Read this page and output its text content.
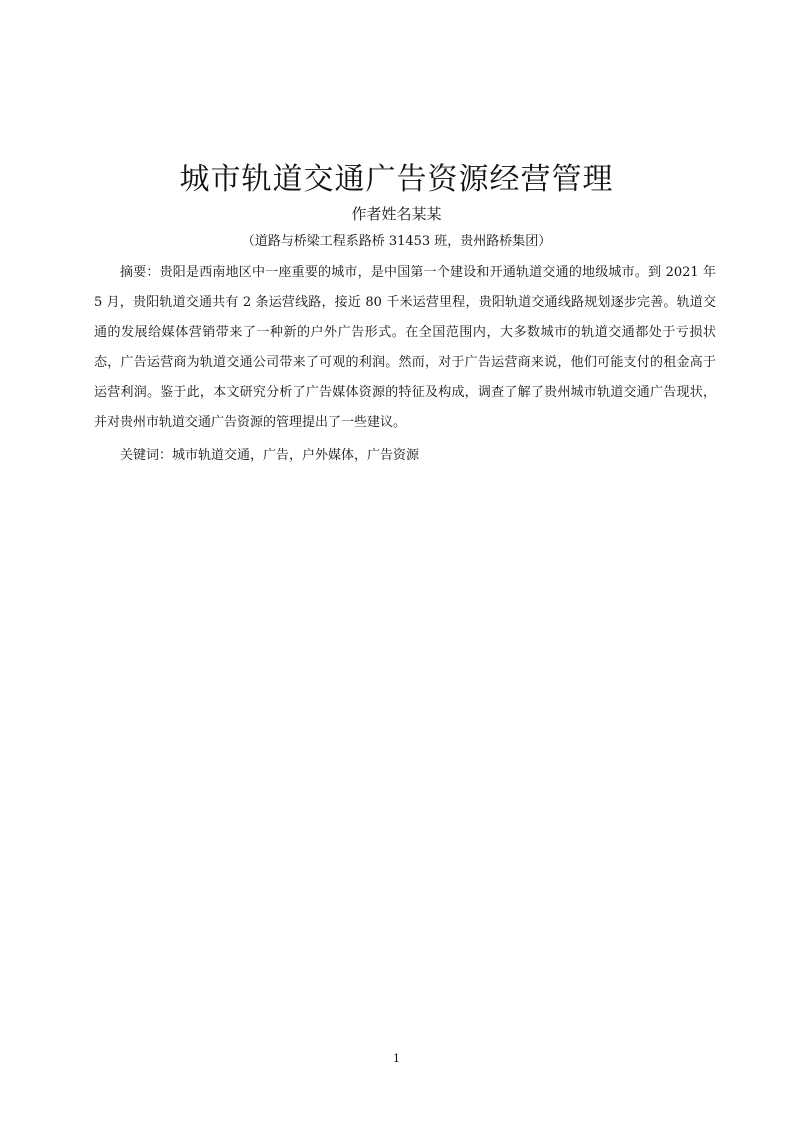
城市轨道交通广告资源经营管理
作者姓名某某
（道路与桥梁工程系路桥 31453 班，贵州路桥集团）

摘要：贵阳是西南地区中一座重要的城市，是中国第一个建设和开通轨道交通的地级城市。到 2021 年 5 月，贵阳轨道交通共有 2 条运营线路，接近 80 千米运营里程，贵阳轨道交通线路规划逐步完善。轨道交通的发展给媒体营销带来了一种新的户外广告形式。在全国范围内，大多数城市的轨道交通都处于亏损状态，广告运营商为轨道交通公司带来了可观的利润。然而，对于广告运营商来说，他们可能支付的租金高于运营利润。鉴于此，本文研究分析了广告媒体资源的特征及构成，调查了解了贵州城市轨道交通广告现状，并对贵州市轨道交通广告资源的管理提出了一些建议。

关键词：城市轨道交通，广告，户外媒体，广告资源

1
